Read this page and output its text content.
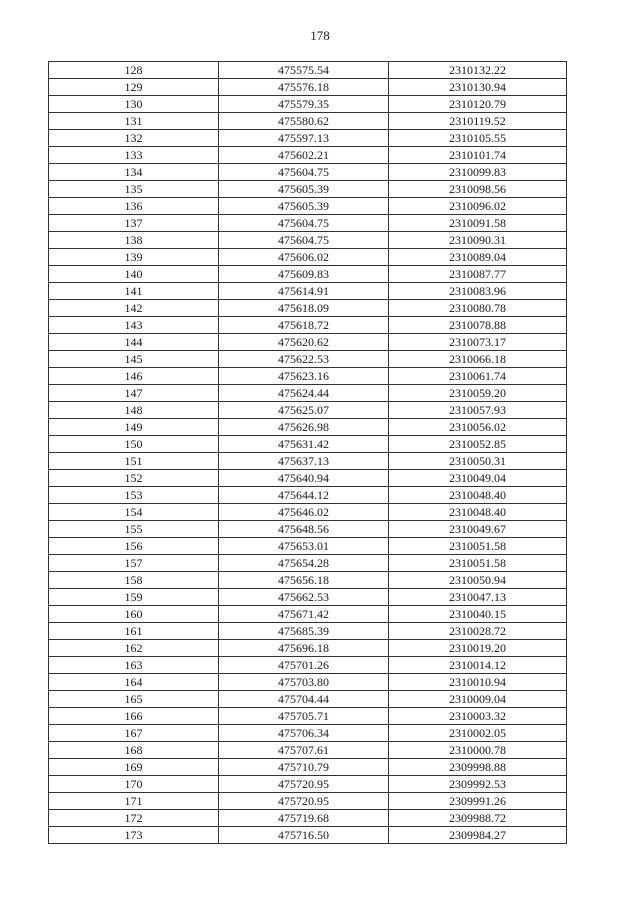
178
128	475575.54	2310132.22
129	475576.18	2310130.94
130	475579.35	2310120.79
131	475580.62	2310119.52
132	475597.13	2310105.55
133	475602.21	2310101.74
134	475604.75	2310099.83
135	475605.39	2310098.56
136	475605.39	2310096.02
137	475604.75	2310091.58
138	475604.75	2310090.31
139	475606.02	2310089.04
140	475609.83	2310087.77
141	475614.91	2310083.96
142	475618.09	2310080.78
143	475618.72	2310078.88
144	475620.62	2310073.17
145	475622.53	2310066.18
146	475623.16	2310061.74
147	475624.44	2310059.20
148	475625.07	2310057.93
149	475626.98	2310056.02
150	475631.42	2310052.85
151	475637.13	2310050.31
152	475640.94	2310049.04
153	475644.12	2310048.40
154	475646.02	2310048.40
155	475648.56	2310049.67
156	475653.01	2310051.58
157	475654.28	2310051.58
158	475656.18	2310050.94
159	475662.53	2310047.13
160	475671.42	2310040.15
161	475685.39	2310028.72
162	475696.18	2310019.20
163	475701.26	2310014.12
164	475703.80	2310010.94
165	475704.44	2310009.04
166	475705.71	2310003.32
167	475706.34	2310002.05
168	475707.61	2310000.78
169	475710.79	2309998.88
170	475720.95	2309992.53
171	475720.95	2309991.26
172	475719.68	2309988.72
173	475716.50	2309984.27
